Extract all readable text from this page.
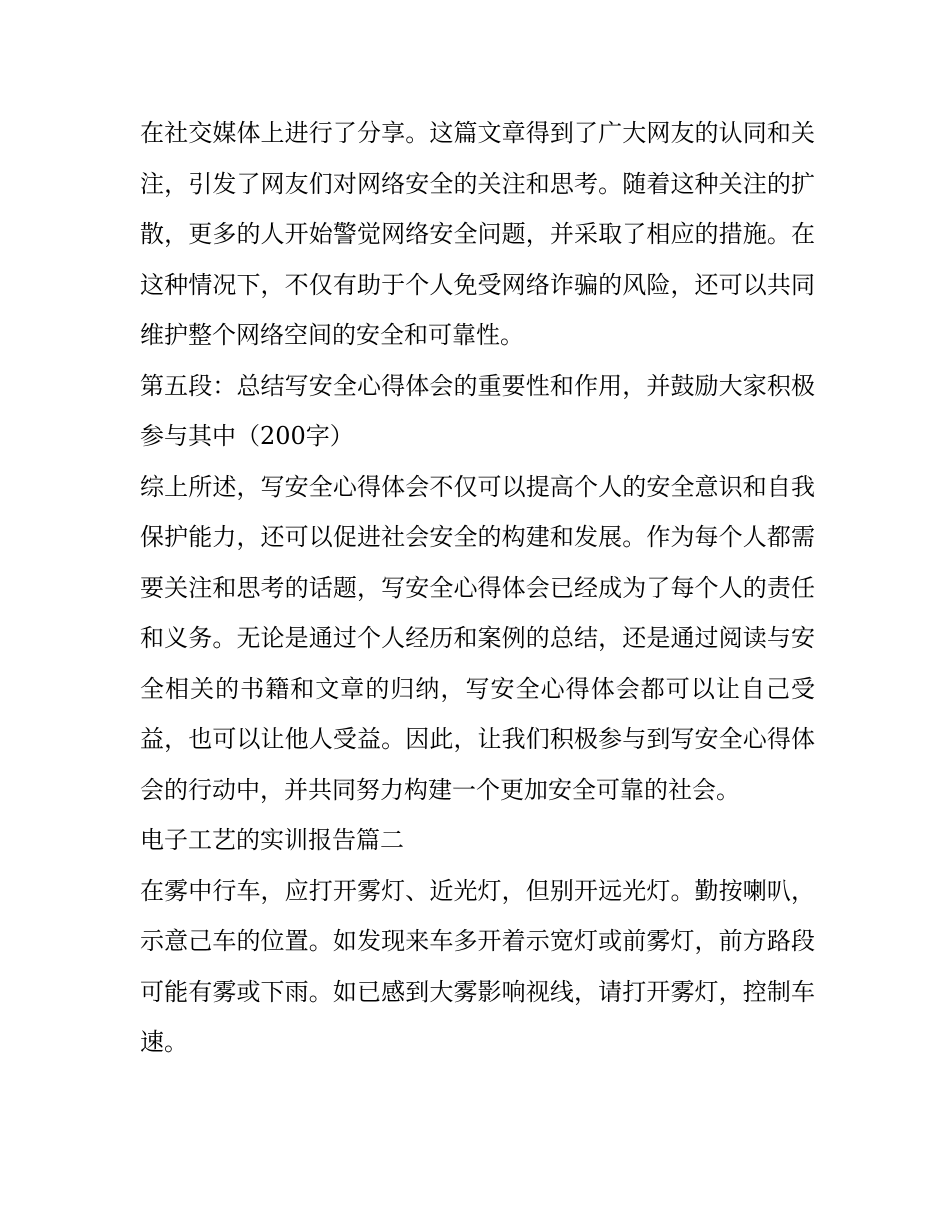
在社交媒体上进行了分享。这篇文章得到了广大网友的认同和关注，引发了网友们对网络安全的关注和思考。随着这种关注的扩散，更多的人开始警觉网络安全问题，并采取了相应的措施。在这种情况下，不仅有助于个人免受网络诈骗的风险，还可以共同维护整个网络空间的安全和可靠性。

第五段：总结写安全心得体会的重要性和作用，并鼓励大家积极参与其中（200字）

综上所述，写安全心得体会不仅可以提高个人的安全意识和自我保护能力，还可以促进社会安全的构建和发展。作为每个人都需要关注和思考的话题，写安全心得体会已经成为了每个人的责任和义务。无论是通过个人经历和案例的总结，还是通过阅读与安全相关的书籍和文章的归纳，写安全心得体会都可以让自己受益，也可以让他人受益。因此，让我们积极参与到写安全心得体会的行动中，并共同努力构建一个更加安全可靠的社会。

电子工艺的实训报告篇二

在雾中行车，应打开雾灯、近光灯，但别开远光灯。勤按喇叭，示意己车的位置。如发现来车多开着示宽灯或前雾灯，前方路段可能有雾或下雨。如已感到大雾影响视线，请打开雾灯，控制车速。
